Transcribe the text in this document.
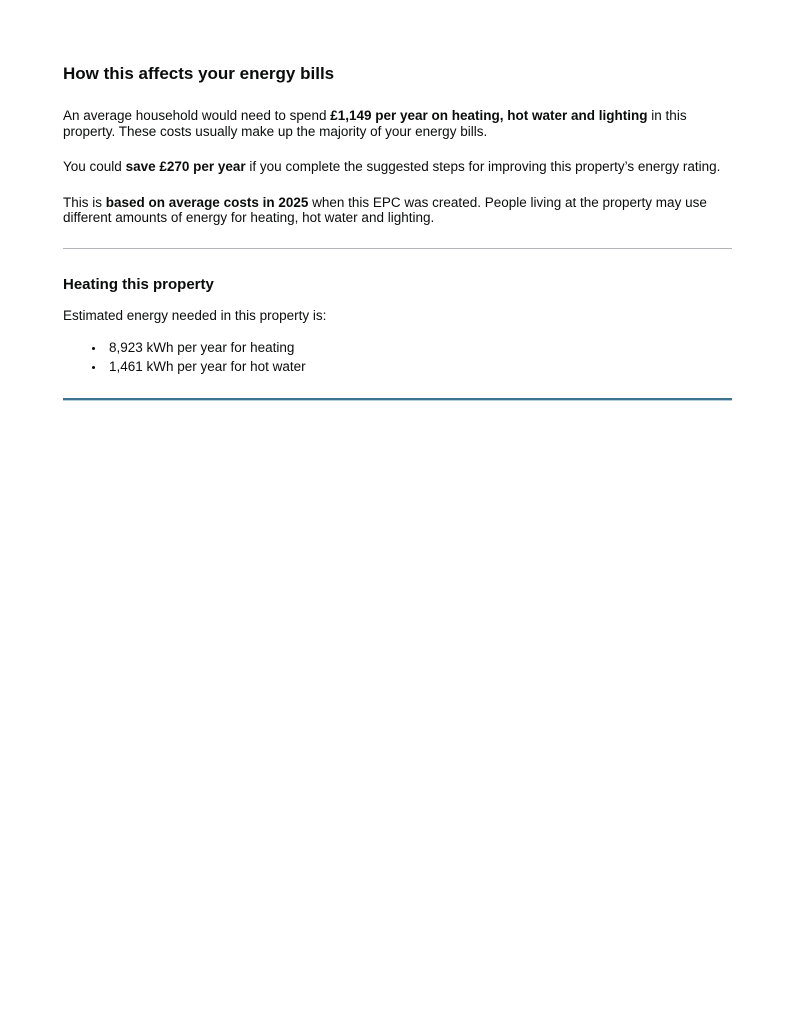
How this affects your energy bills

An average household would need to spend £1,149 per year on heating, hot water and lighting in this property. These costs usually make up the majority of your energy bills.

You could save £270 per year if you complete the suggested steps for improving this property’s energy rating.

This is based on average costs in 2025 when this EPC was created. People living at the property may use different amounts of energy for heating, hot water and lighting.

Heating this property

Estimated energy needed in this property is:

• 8,923 kWh per year for heating
• 1,461 kWh per year for hot water
